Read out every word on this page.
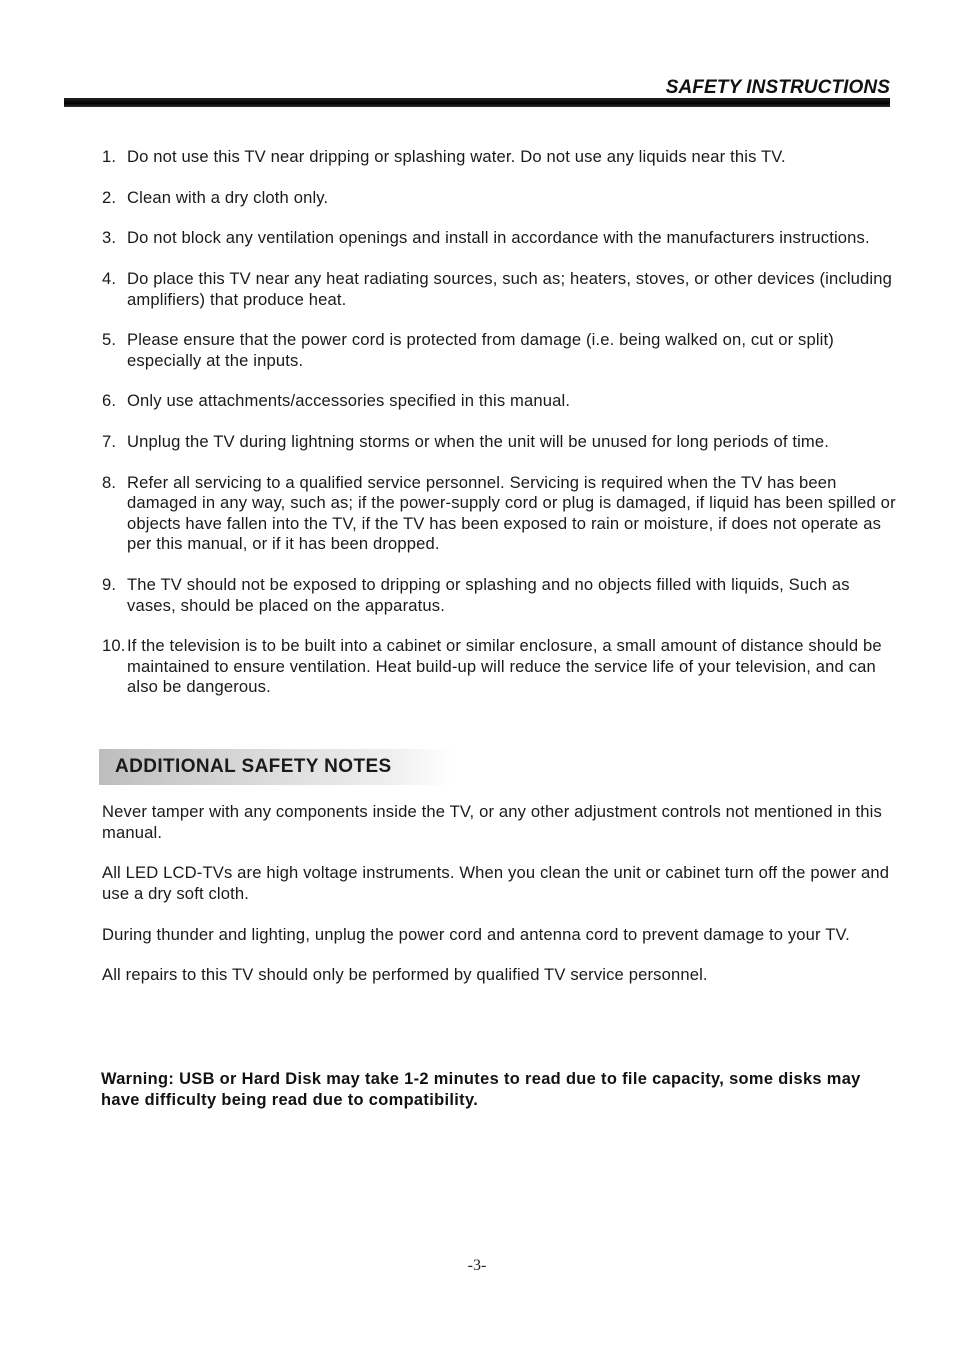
SAFETY INSTRUCTIONS
1. Do not use this TV near dripping or splashing water. Do not use any liquids near this TV.
2. Clean with a dry cloth only.
3. Do not block any ventilation openings and install in accordance with the manufacturers instructions.
4. Do place this TV near any heat radiating sources, such as; heaters, stoves, or other devices (including amplifiers) that produce heat.
5. Please ensure that the power cord is protected from damage (i.e. being walked on, cut or split) especially at the inputs.
6. Only use attachments/accessories specified in this manual.
7. Unplug the TV during lightning storms or when the unit will be unused for long periods of time.
8. Refer all servicing to a qualified service personnel. Servicing is required when the TV has been damaged in any way, such as; if the power-supply cord or plug is damaged, if liquid has been spilled or objects have fallen into the TV, if the TV has been exposed to rain or moisture, if does not operate as per this manual, or if it has been dropped.
9. The TV should not be exposed to dripping or splashing and no objects filled with liquids, Such as vases, should be placed on the apparatus.
10. If the television is to be built into a cabinet or similar enclosure, a small amount of distance should be maintained to ensure ventilation. Heat build-up will reduce the service life of your television, and can also be dangerous.
ADDITIONAL SAFETY NOTES

Never tamper with any components inside the TV, or any other adjustment controls not mentioned in this manual.

All LED LCD-TVs are high voltage instruments. When you clean the unit or cabinet turn off the power and use a dry soft cloth.

During thunder and lighting, unplug the power cord and antenna cord to prevent damage to your TV.

All repairs to this TV should only be performed by qualified TV service personnel.

Warning: USB or Hard Disk may take 1-2 minutes to read due to file capacity, some disks may have difficulty being read due to compatibility.
-3-
